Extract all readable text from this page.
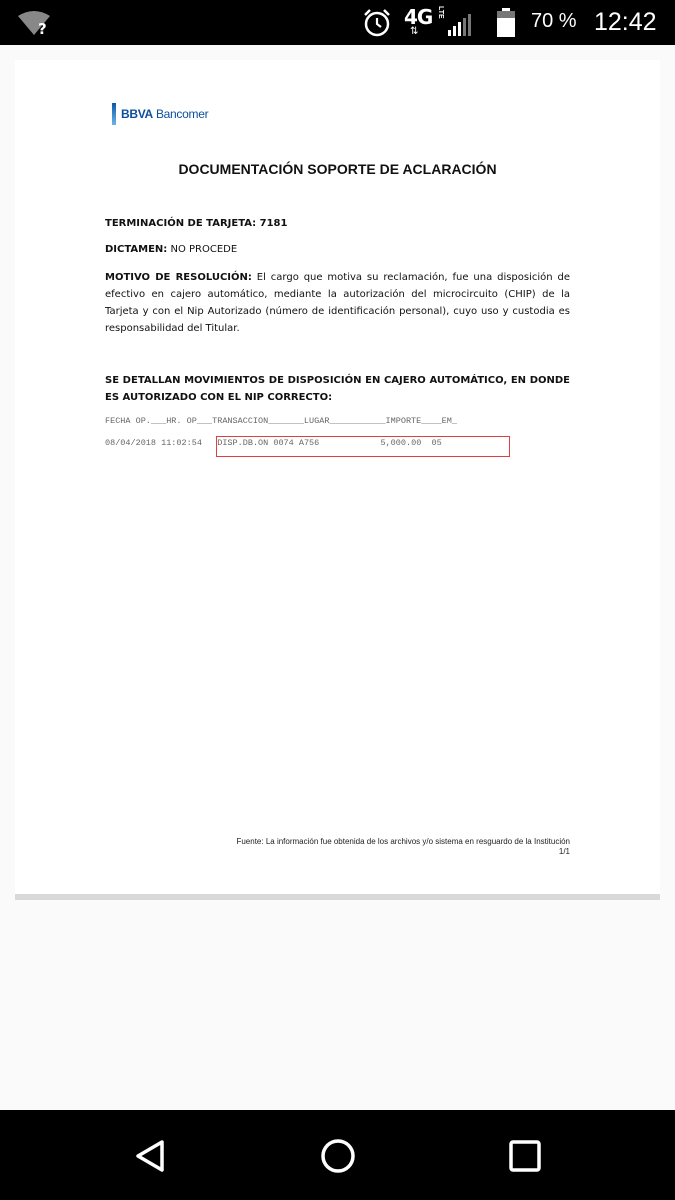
?	4G LTE
⇅	70 % 12:42
BBVA Bancomer
DOCUMENTACIÓN SOPORTE DE ACLARACIÓN
TERMINACIÓN DE TARJETA: 7181
DICTAMEN: NO PROCEDE
MOTIVO DE RESOLUCIÓN: El cargo que motiva su reclamación, fue una disposición de efectivo en cajero automático, mediante la autorización del microcircuito (CHIP) de la Tarjeta y con el Nip Autorizado (número de identificación personal), cuyo uso y custodia es responsabilidad del Titular.
SE DETALLAN MOVIMIENTOS DE DISPOSICIÓN EN CAJERO AUTOMÁTICO, EN DONDE ES AUTORIZADO CON EL NIP CORRECTO:
FECHA OP.___HR. OP___TRANSACCION_______LUGAR___________IMPORTE____EM_
08/04/2018 11:02:54 DISP.DB.ON 0074 A756	5,000.00 05
Fuente: La información fue obtenida de los archivos y/o sistema en resguardo de la Institución
1/1
